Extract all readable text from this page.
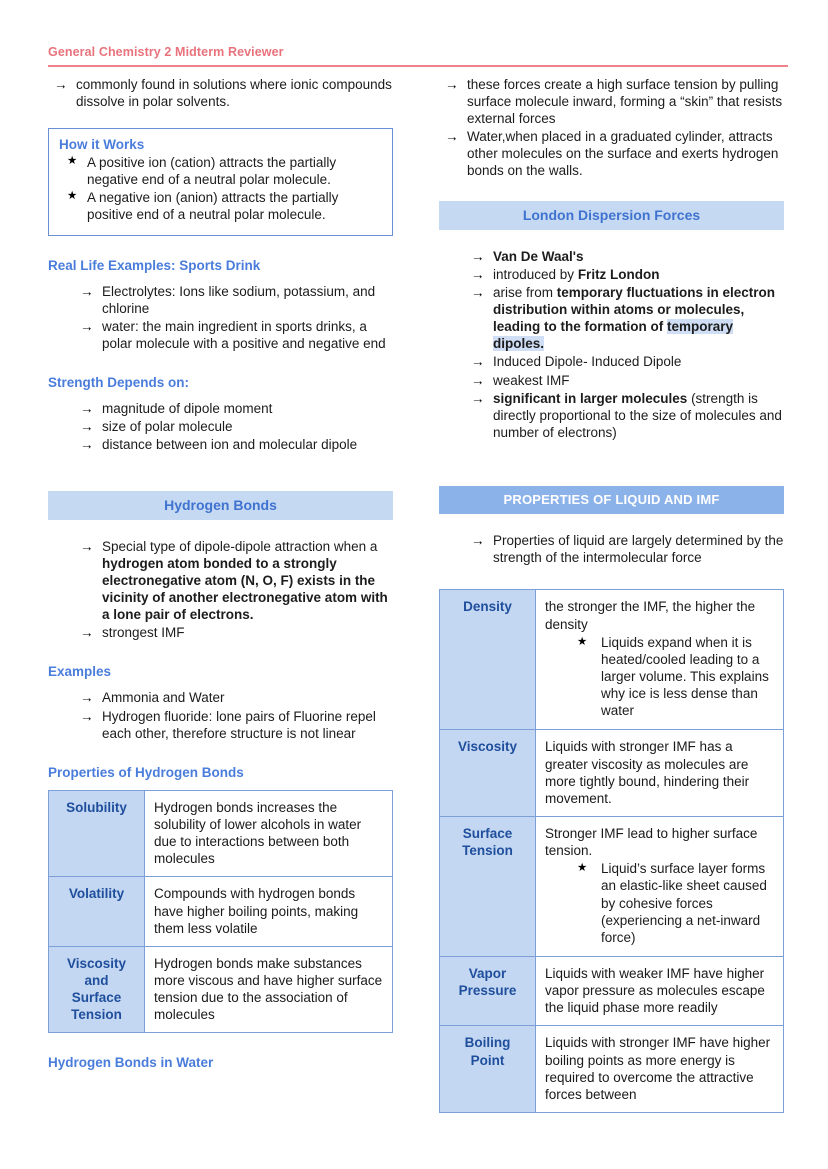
General Chemistry 2 Midterm Reviewer
→ commonly found in solutions where ionic compounds dissolve in polar solvents.
How it Works
★ A positive ion (cation) attracts the partially negative end of a neutral polar molecule.
★ A negative ion (anion) attracts the partially positive end of a neutral polar molecule.
Real Life Examples: Sports Drink
→ Electrolytes: Ions like sodium, potassium, and chlorine
→ water: the main ingredient in sports drinks, a polar molecule with a positive and negative end
Strength Depends on:
→ magnitude of dipole moment
→ size of polar molecule
→ distance between ion and molecular dipole
Hydrogen Bonds
→ Special type of dipole-dipole attraction when a hydrogen atom bonded to a strongly electronegative atom (N, O, F) exists in the vicinity of another electronegative atom with a lone pair of electrons.
→ strongest IMF
Examples
→ Ammonia and Water
→ Hydrogen fluoride: lone pairs of Fluorine repel each other, therefore structure is not linear
Properties of Hydrogen Bonds
Solubility	Hydrogen bonds increases the solubility of lower alcohols in water due to interactions between both molecules
Volatility	Compounds with hydrogen bonds have higher boiling points, making them less volatile
Viscosity and Surface Tension	Hydrogen bonds make substances more viscous and have higher surface tension due to the association of molecules
Hydrogen Bonds in Water
→ these forces create a high surface tension by pulling surface molecule inward, forming a “skin” that resists external forces
→ Water,when placed in a graduated cylinder, attracts other molecules on the surface and exerts hydrogen bonds on the walls.
London Dispersion Forces
→ Van De Waal's
→ introduced by Fritz London
→ arise from temporary fluctuations in electron distribution within atoms or molecules, leading to the formation of temporary dipoles.
→ Induced Dipole- Induced Dipole
→ weakest IMF
→ significant in larger molecules (strength is directly proportional to the size of molecules and number of electrons)
PROPERTIES OF LIQUID AND IMF
→ Properties of liquid are largely determined by the strength of the intermolecular force
Density	the stronger the IMF, the higher the density
★ Liquids expand when it is heated/cooled leading to a larger volume. This explains why ice is less dense than water

Viscosity	Liquids with stronger IMF has a greater viscosity as molecules are more tightly bound, hindering their movement.
Surface Tension	Stronger IMF lead to higher surface tension.
★ Liquid’s surface layer forms an elastic-like sheet caused by cohesive forces (experiencing a net-inward force)

Vapor Pressure	Liquids with weaker IMF have higher vapor pressure as molecules escape the liquid phase more readily
Boiling Point	Liquids with stronger IMF have higher boiling points as more energy is required to overcome the attractive forces between
